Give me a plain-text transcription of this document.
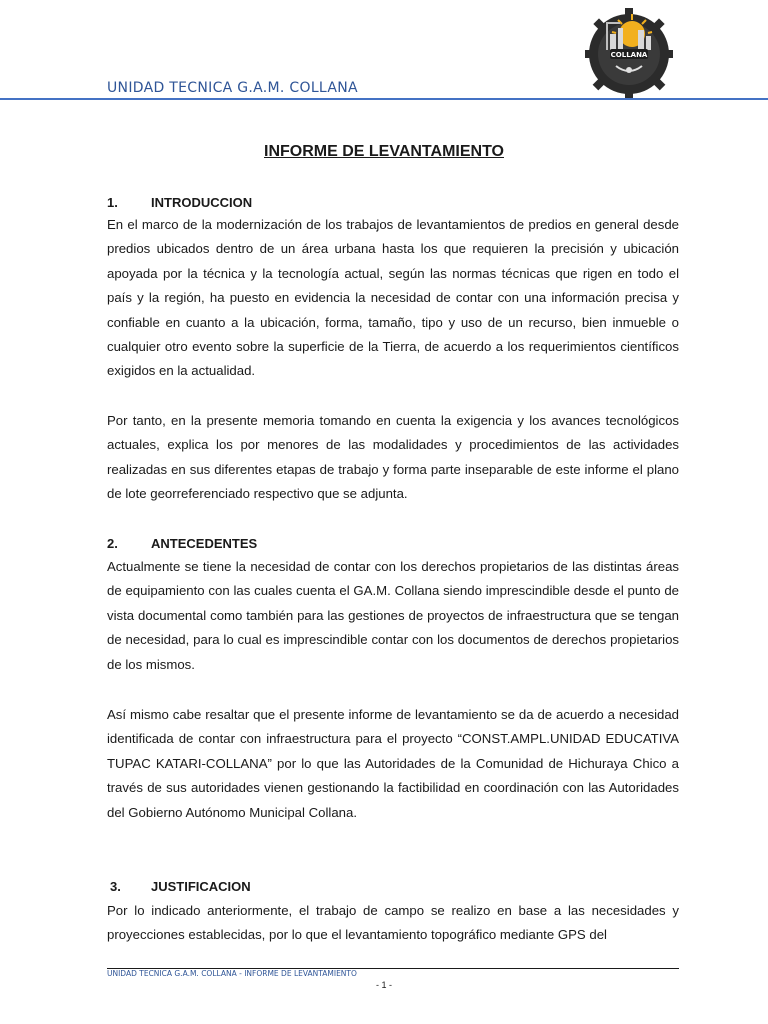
UNIDAD TECNICA G.A.M. COLLANA
COLLANA
INFORME DE LEVANTAMIENTO
1.	INTRODUCCION

En el marco de la modernización de los trabajos de levantamientos de predios en general desde predios ubicados dentro de un área urbana hasta los que requieren la precisión y ubicación apoyada por la técnica y la tecnología actual, según las normas técnicas que rigen en todo el país y la región, ha puesto en evidencia la necesidad de contar con una información precisa y confiable en cuanto a la ubicación, forma, tamaño, tipo y uso de un recurso, bien inmueble o cualquier otro evento sobre la superficie de la Tierra, de acuerdo a los requerimientos científicos exigidos en la actualidad.

Por tanto, en la presente memoria tomando en cuenta la exigencia y los avances tecnológicos actuales, explica los por menores de las modalidades y procedimientos de las actividades realizadas en sus diferentes etapas de trabajo y forma parte inseparable de este informe el plano de lote georreferenciado respectivo que se adjunta.

2.	ANTECEDENTES

Actualmente se tiene la necesidad de contar con los derechos propietarios de las distintas áreas de equipamiento con las cuales cuenta el GA.M. Collana siendo imprescindible desde el punto de vista documental como también para las gestiones de proyectos de infraestructura que se tengan de necesidad, para lo cual es imprescindible contar con los documentos de derechos propietarios de los mismos.

Así mismo cabe resaltar que el presente informe de levantamiento se da de acuerdo a necesidad identificada de contar con infraestructura para el proyecto “CONST.AMPL.UNIDAD EDUCATIVA TUPAC KATARI-COLLANA” por lo que las Autoridades de la Comunidad de Hichuraya Chico a través de sus autoridades vienen gestionando la factibilidad en coordinación con las Autoridades del Gobierno Autónomo Municipal Collana.

3. JUSTIFICACION

Por lo indicado anteriormente, el trabajo de campo se realizo en base a las necesidades y proyecciones establecidas, por lo que el levantamiento topográfico mediante GPS del

UNIDAD TECNICA G.A.M. COLLANA - INFORME DE LEVANTAMIENTO
- 1 -
